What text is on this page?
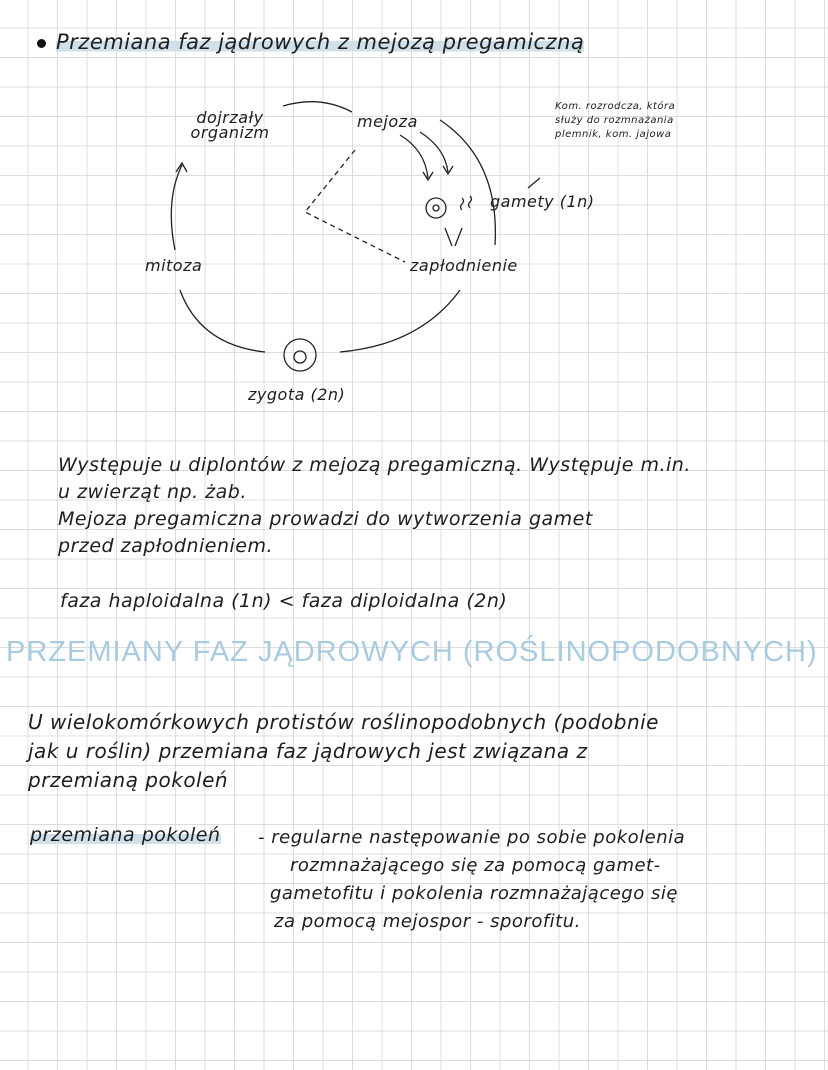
Przemiana faz jądrowych z mejozą pregamiczną
dojrzały organizm
mejoza
Kom. rozrodcza, która służy do rozmnażania plemnik, kom. jajowa
gamety (1n)
mitoza	zapłodnienie
zygota (2n)
Występuje u diplontów z mejozą pregamiczną. Występuje m.in.
u zwierząt np. żab.
Mejoza pregamiczna prowadzi do wytworzenia gamet
przed zapłodnieniem.
faza haploidalna (1n) < faza diploidalna (2n)
PRZEMIANY FAZ JĄDROWYCH (ROŚLINOPODOBNYCH)
U wielokomórkowych protistów roślinopodobnych (podobnie
jak u roślin) przemiana faz jądrowych jest związana z
przemianą pokoleń
przemiana pokoleń - regularne następowanie po sobie pokolenia
rozmnażającego się za pomocą gamet-
gametofitu i pokolenia rozmnażającego się
za pomocą mejospor - sporofitu.
